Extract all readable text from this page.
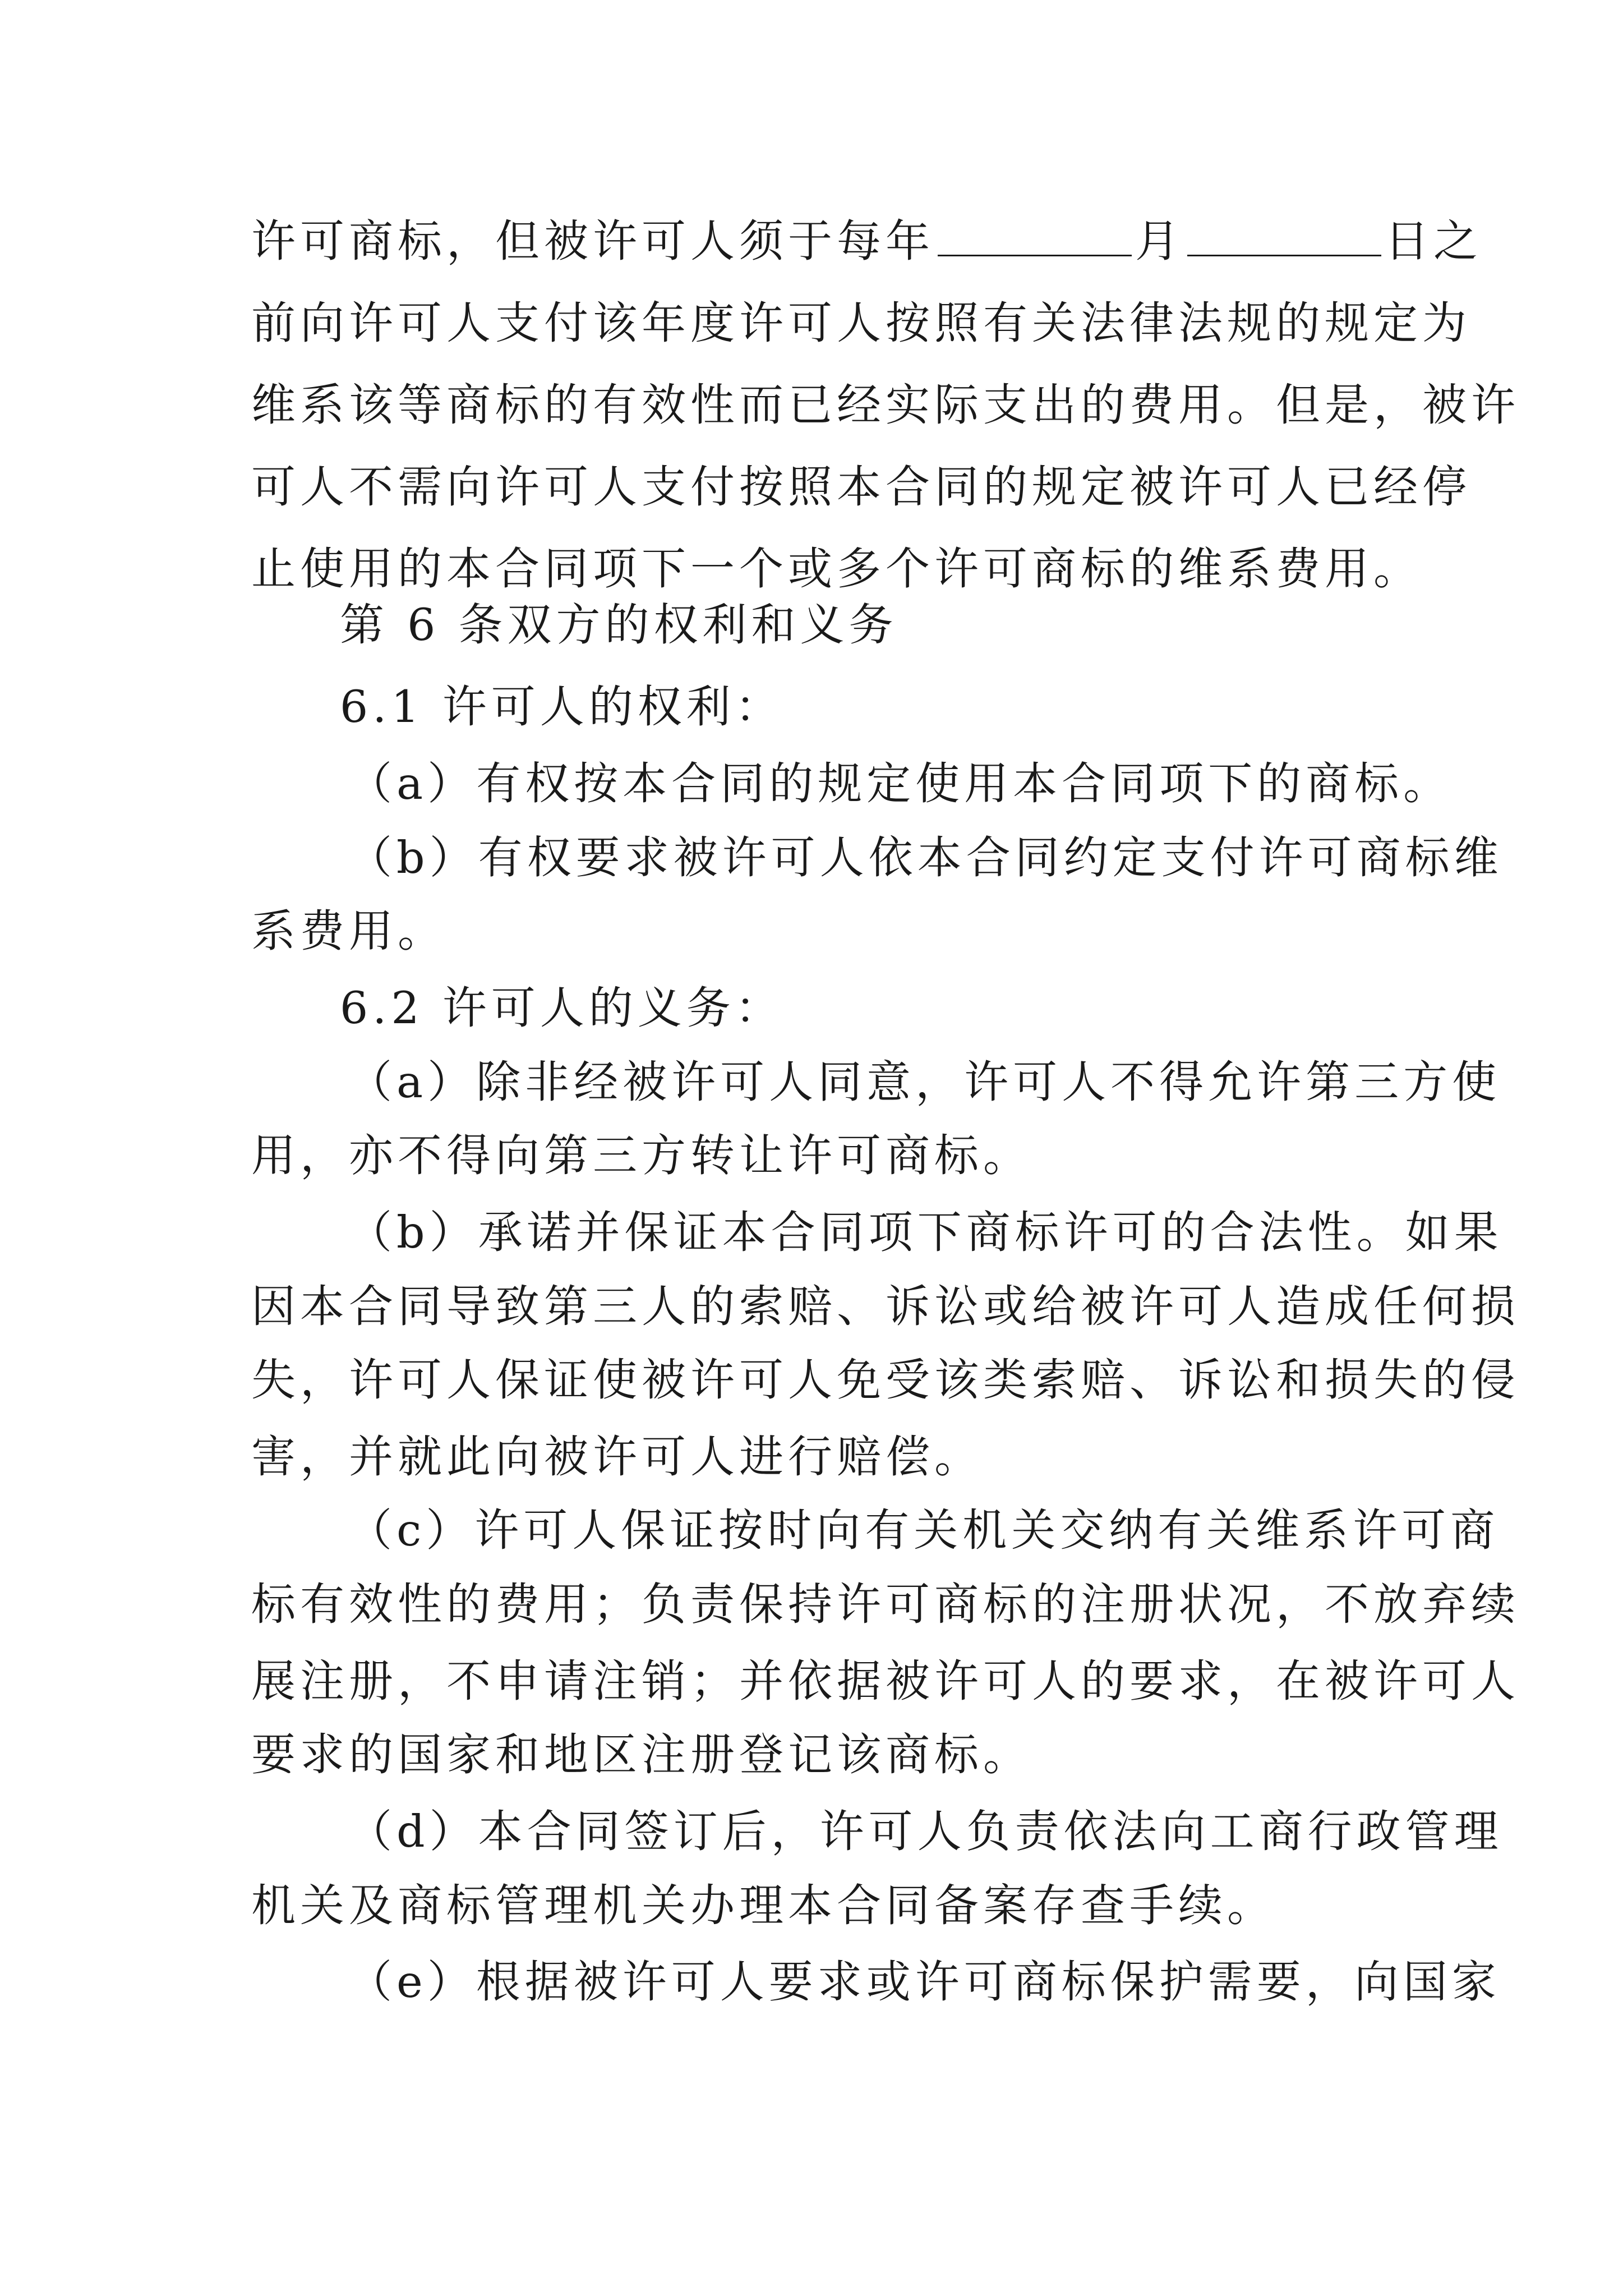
许可商标，但被许可人须于每年	月	日之
前向许可人支付该年度许可人按照有关法律法规的规定为
维系该等商标的有效性而已经实际支出的费用。但是，被许
可人不需向许可人支付按照本合同的规定被许可人已经停
止使用的本合同项下一个或多个许可商标的维系费用。
第 6 条双方的权利和义务
6.1 许可人的权利：
（a）有权按本合同的规定使用本合同项下的商标。
（b）有权要求被许可人依本合同约定支付许可商标维
系费用。
6.2 许可人的义务：
（a）除非经被许可人同意，许可人不得允许第三方使
用，亦不得向第三方转让许可商标。
（b）承诺并保证本合同项下商标许可的合法性。如果
因本合同导致第三人的索赔、诉讼或给被许可人造成任何损
失，许可人保证使被许可人免受该类索赔、诉讼和损失的侵
害，并就此向被许可人进行赔偿。
（c）许可人保证按时向有关机关交纳有关维系许可商
标有效性的费用；负责保持许可商标的注册状况，不放弃续
展注册，不申请注销；并依据被许可人的要求，在被许可人
要求的国家和地区注册登记该商标。
（d）本合同签订后，许可人负责依法向工商行政管理
机关及商标管理机关办理本合同备案存查手续。
（e）根据被许可人要求或许可商标保护需要，向国家
